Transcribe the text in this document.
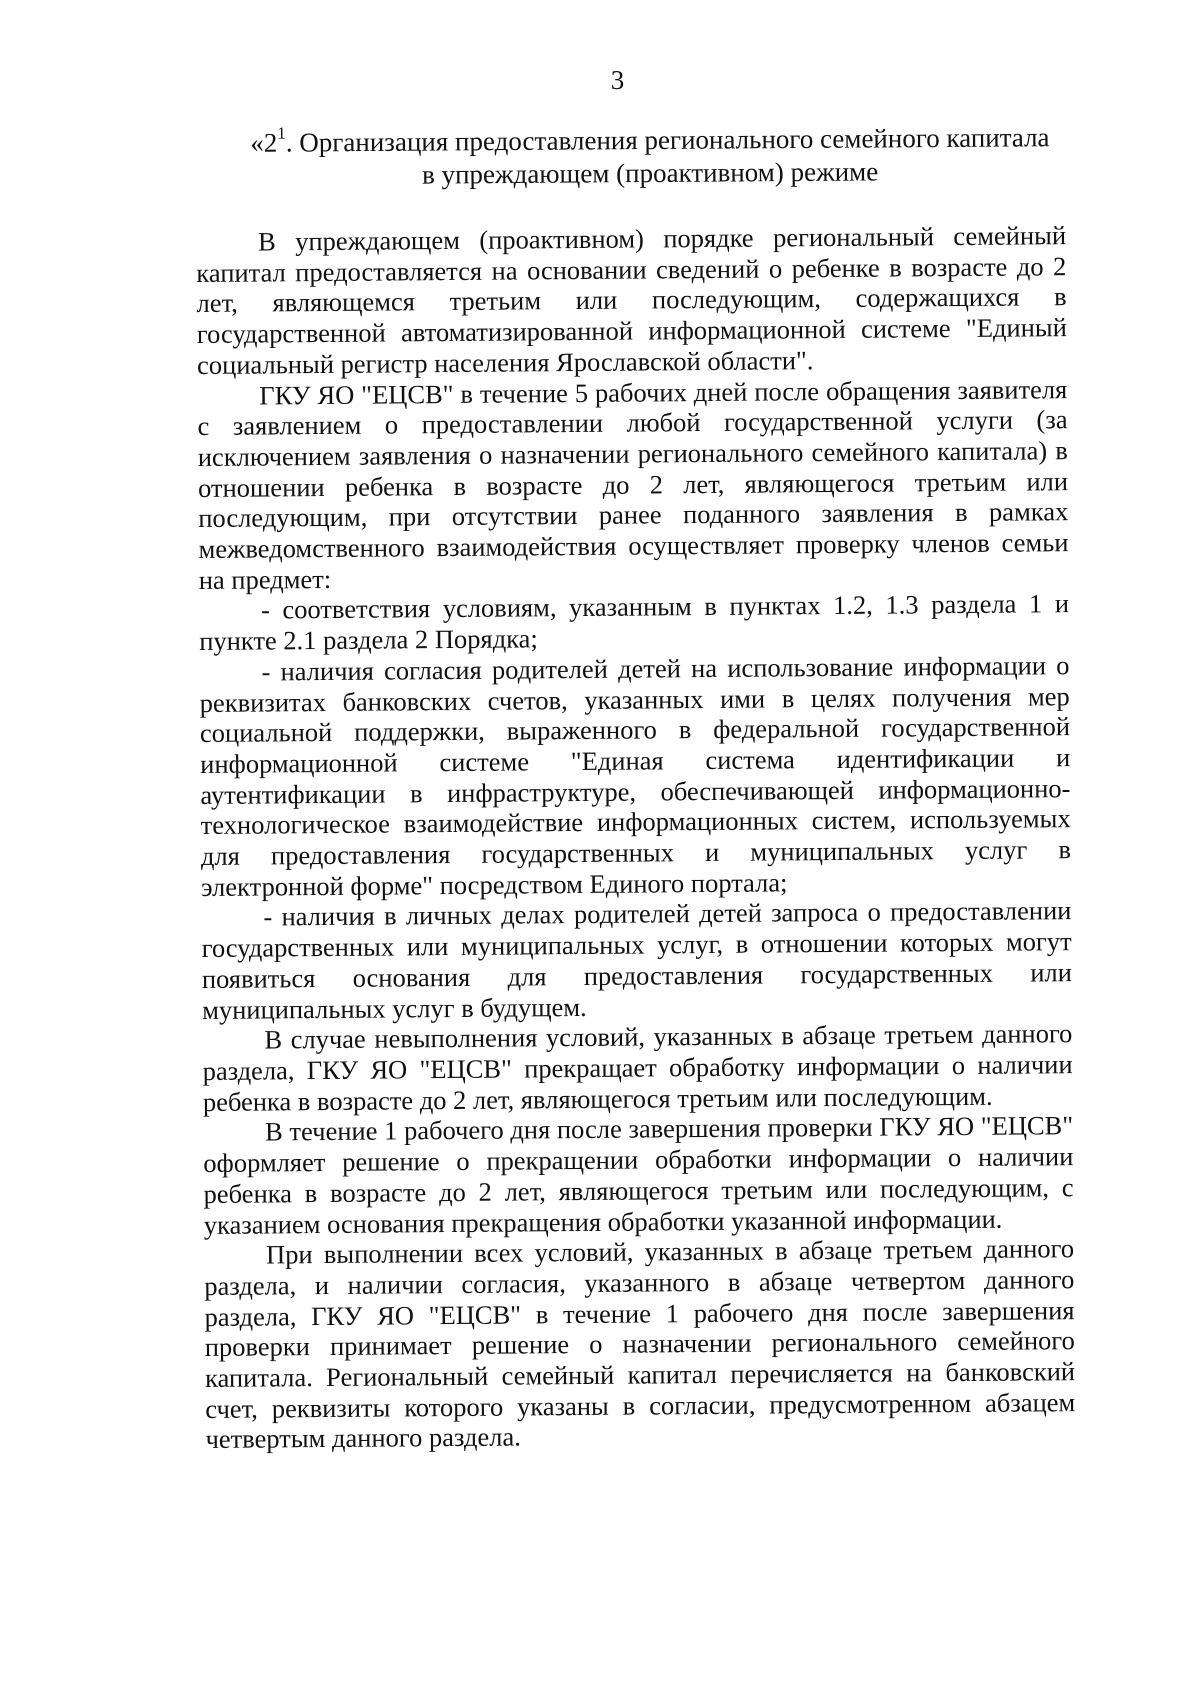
3
«$2^1$. Организация предоставления регионального семейного капитала
в упреждающем (проактивном) режиме

В упреждающем (проактивном) порядке региональный семейный капитал предоставляется на основании сведений о ребенке в возрасте до 2 лет, являющемся третьим или последующим, содержащихся в государственной автоматизированной информационной системе "Единый социальный регистр населения Ярославской области".

ГКУ ЯО "ЕЦСВ" в течение 5 рабочих дней после обращения заявителя с заявлением о предоставлении любой государственной услуги (за исключением заявления о назначении регионального семейного капитала) в отношении ребенка в возрасте до 2 лет, являющегося третьим или последующим, при отсутствии ранее поданного заявления в рамках межведомственного взаимодействия осуществляет проверку членов семьи на предмет:

- соответствия условиям, указанным в пунктах 1.2, 1.3 раздела 1 и пункте 2.1 раздела 2 Порядка;

- наличия согласия родителей детей на использование информации о реквизитах банковских счетов, указанных ими в целях получения мер социальной поддержки, выраженного в федеральной государственной информационной системе "Единая система идентификации и аутентификации в инфраструктуре, обеспечивающей информационно-технологическое взаимодействие информационных систем, используемых для предоставления государственных и муниципальных услуг в электронной форме" посредством Единого портала;

- наличия в личных делах родителей детей запроса о предоставлении государственных или муниципальных услуг, в отношении которых могут появиться основания для предоставления государственных или муниципальных услуг в будущем.

В случае невыполнения условий, указанных в абзаце третьем данного раздела, ГКУ ЯО "ЕЦСВ" прекращает обработку информации о наличии ребенка в возрасте до 2 лет, являющегося третьим или последующим.

В течение 1 рабочего дня после завершения проверки ГКУ ЯО "ЕЦСВ" оформляет решение о прекращении обработки информации о наличии ребенка в возрасте до 2 лет, являющегося третьим или последующим, с указанием основания прекращения обработки указанной информации.

При выполнении всех условий, указанных в абзаце третьем данного раздела, и наличии согласия, указанного в абзаце четвертом данного раздела, ГКУ ЯО "ЕЦСВ" в течение 1 рабочего дня после завершения проверки принимает решение о назначении регионального семейного капитала. Региональный семейный капитал перечисляется на банковский счет, реквизиты которого указаны в согласии, предусмотренном абзацем четвертым данного раздела.
